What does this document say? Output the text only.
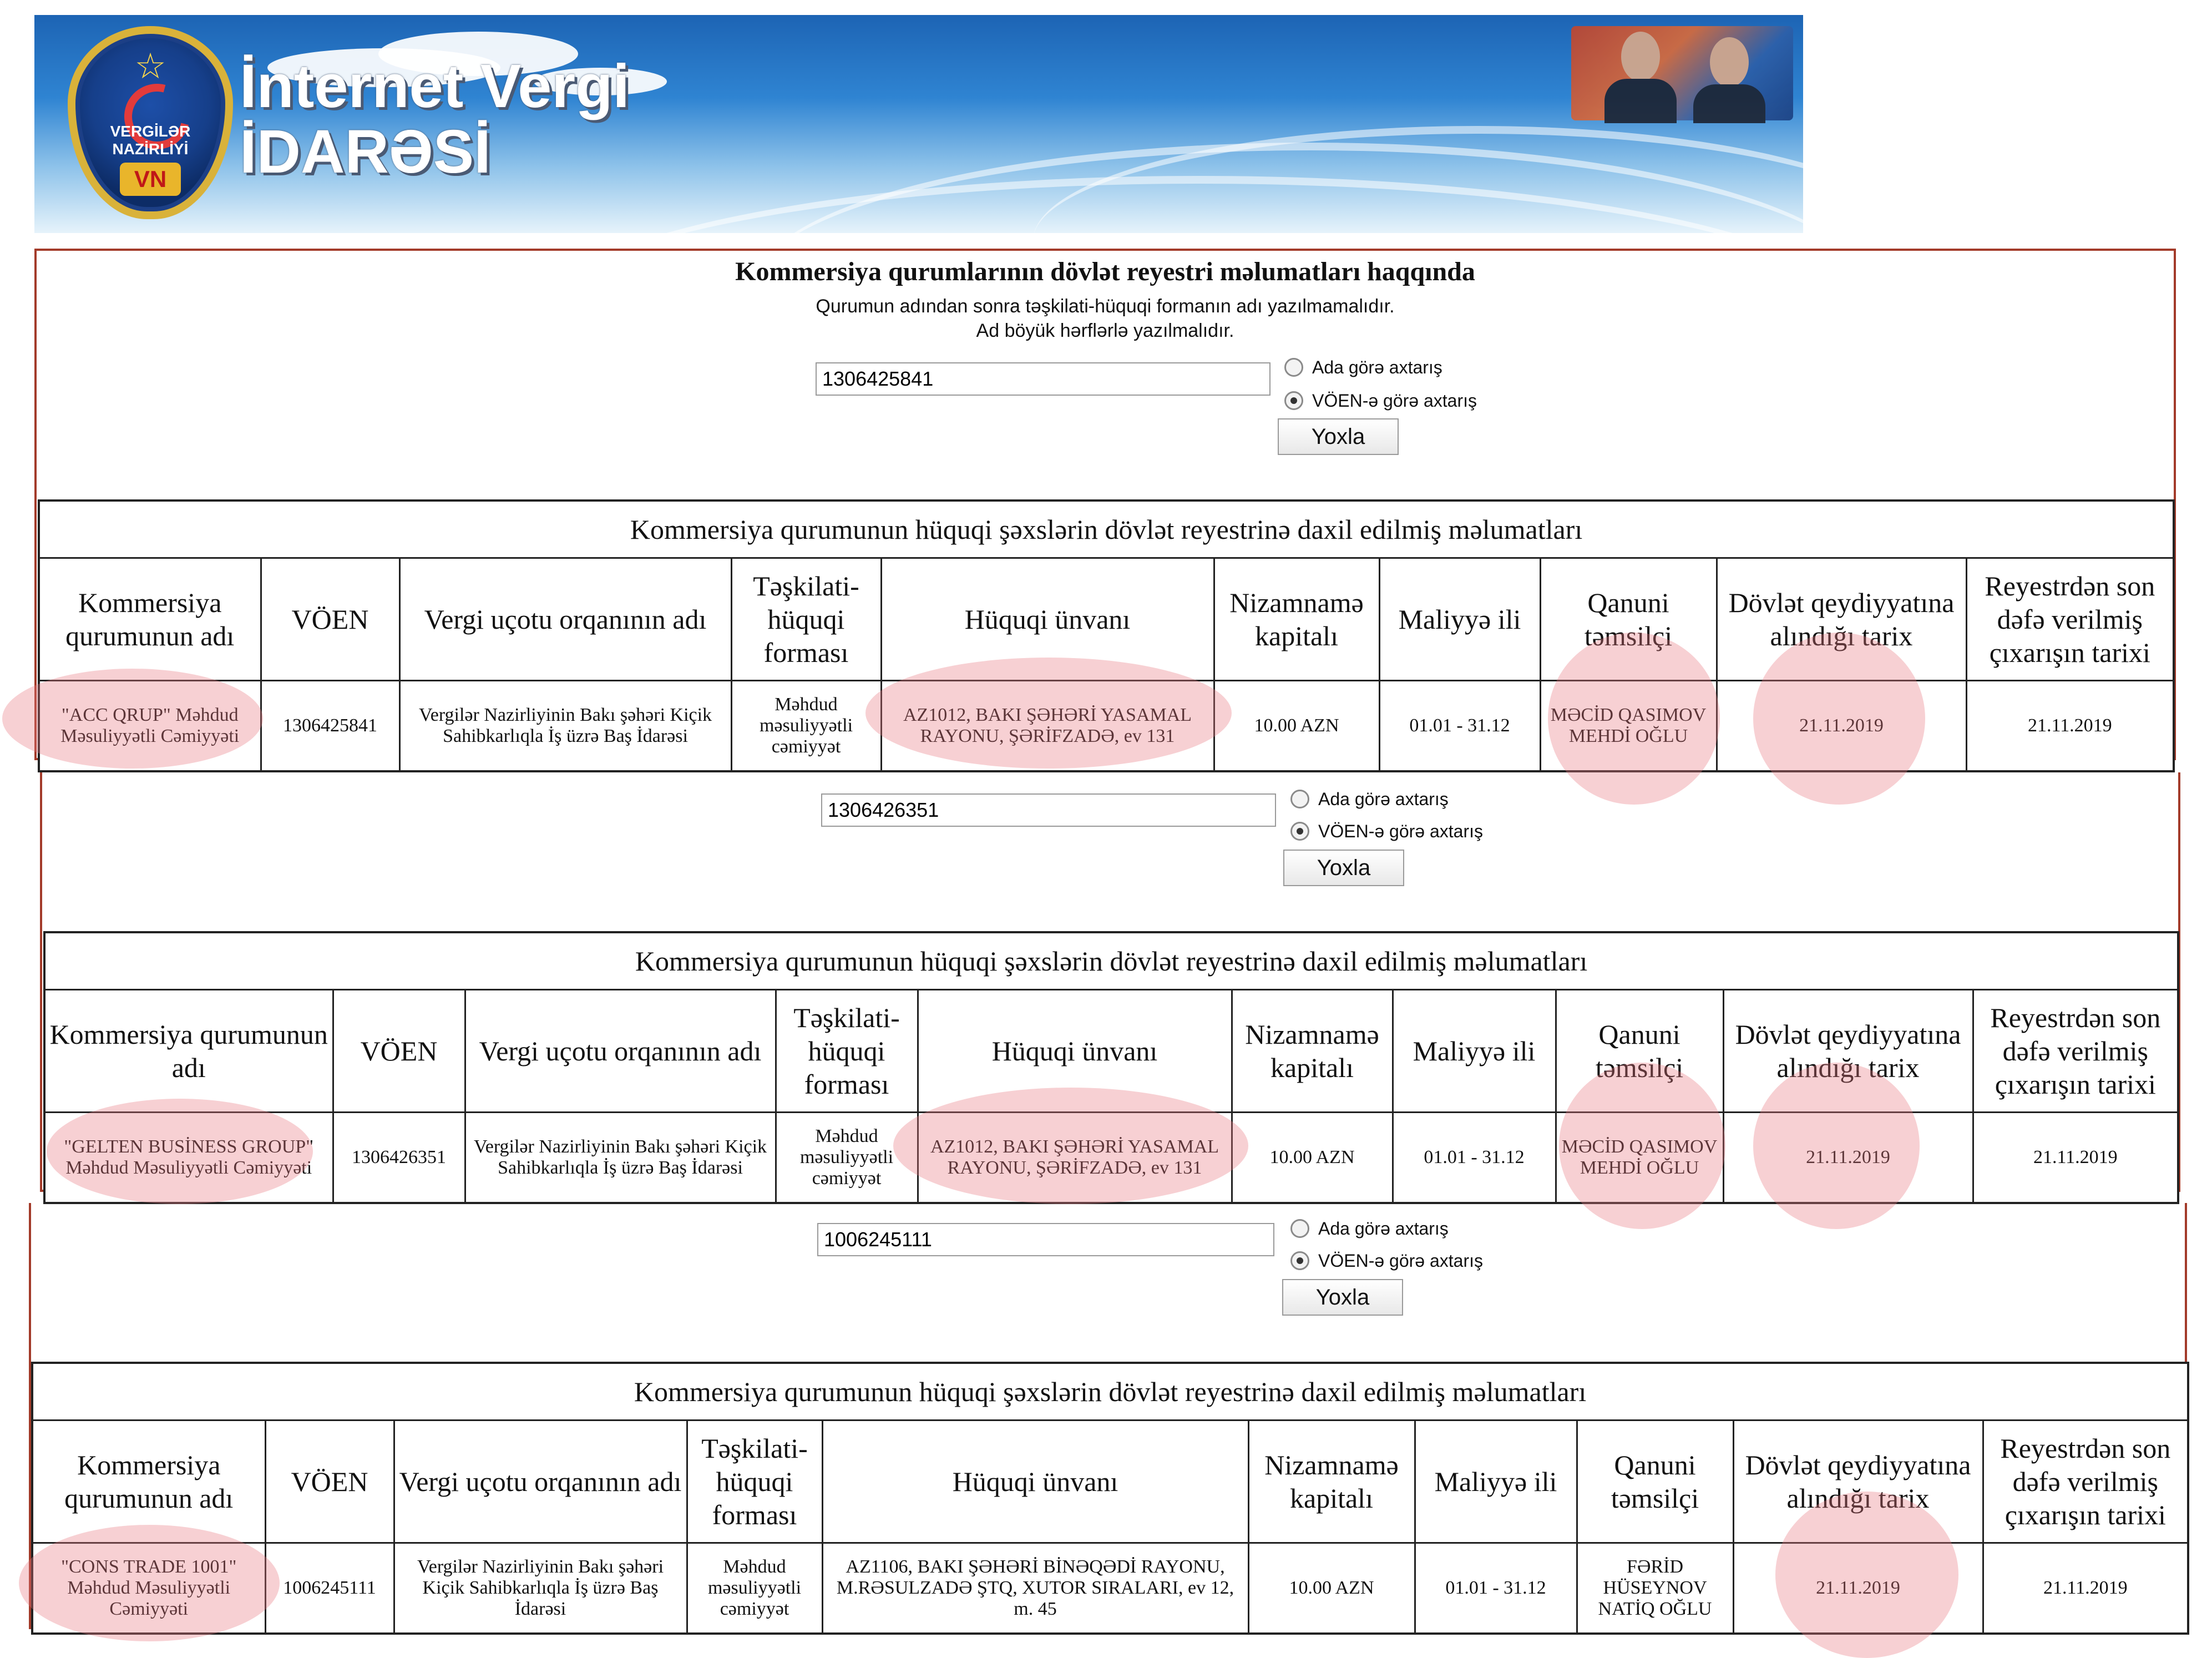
☆
VERGİLƏR NAZİRLİYİ
VN
İnternet Vergi
İDARƏSİ
Kommersiya qurumlarının dövlət reyestri məlumatları haqqında
Qurumun adından sonra təşkilati-hüquqi formanın adı yazılmamalıdır.
Ad böyük hərflərlə yazılmalıdır.
1306425841	Ada görə axtarış
VÖEN-ə görə axtarış
Yoxla
Kommersiya qurumunun hüquqi şəxslərin dövlət reyestrinə daxil edilmiş məlumatları									
Kommersiya qurumunun adı	VÖEN	Vergi uçotu orqanının adı	Təşkilati-hüquqi forması	Hüquqi ünvanı	Nizamnamə kapitalı	Maliyyə ili	Qanuni təmsilçi	Dövlət qeydiyyatına alındığı tarix	Reyestrdən son dəfə verilmiş çıxarışın tarixi
"ACC QRUP" Məhdud Məsuliyyətli Cəmiyyəti	1306425841	Vergilər Nazirliyinin Bakı şəhəri Kiçik Sahibkarlıqla İş üzrə Baş İdarəsi	Məhdud məsuliyyətli cəmiyyət	AZ1012, BAKI ŞƏHƏRİ YASAMAL RAYONU, ŞƏRİFZADƏ, ev 131	10.00 AZN	01.01 - 31.12	MƏCİD QASIMOV MEHDİ OĞLU	21.11.2019	21.11.2019
1306426351	Ada görə axtarış
VÖEN-ə görə axtarış
Yoxla
Kommersiya qurumunun hüquqi şəxslərin dövlət reyestrinə daxil edilmiş məlumatları									
Kommersiya qurumunun adı	VÖEN	Vergi uçotu orqanının adı	Təşkilati-hüquqi forması	Hüquqi ünvanı	Nizamnamə kapitalı	Maliyyə ili	Qanuni təmsilçi	Dövlət qeydiyyatına alındığı tarix	Reyestrdən son dəfə verilmiş çıxarışın tarixi
"GELTEN BUSİNESS GROUP" Məhdud Məsuliyyətli Cəmiyyəti	1306426351	Vergilər Nazirliyinin Bakı şəhəri Kiçik Sahibkarlıqla İş üzrə Baş İdarəsi	Məhdud məsuliyyətli cəmiyyət	AZ1012, BAKI ŞƏHƏRİ YASAMAL RAYONU, ŞƏRİFZADƏ, ev 131	10.00 AZN	01.01 - 31.12	MƏCİD QASIMOV MEHDİ OĞLU	21.11.2019	21.11.2019
1006245111	Ada görə axtarış
VÖEN-ə görə axtarış
Yoxla
Kommersiya qurumunun hüquqi şəxslərin dövlət reyestrinə daxil edilmiş məlumatları									
Kommersiya qurumunun adı	VÖEN	Vergi uçotu orqanının adı	Təşkilati-hüquqi forması	Hüquqi ünvanı	Nizamnamə kapitalı	Maliyyə ili	Qanuni təmsilçi	Dövlət qeydiyyatına alındığı tarix	Reyestrdən son dəfə verilmiş çıxarışın tarixi
"CONS TRADE 1001" Məhdud Məsuliyyətli Cəmiyyəti	1006245111	Vergilər Nazirliyinin Bakı şəhəri Kiçik Sahibkarlıqla İş üzrə Baş İdarəsi	Məhdud məsuliyyətli cəmiyyət	AZ1106, BAKI ŞƏHƏRİ BİNƏQƏDİ RAYONU, M.RƏSULZADƏ ŞTQ, XUTOR SIRALARI, ev 12, m. 45	10.00 AZN	01.01 - 31.12	FƏRİD HÜSEYNOV NATİQ OĞLU	21.11.2019	21.11.2019
